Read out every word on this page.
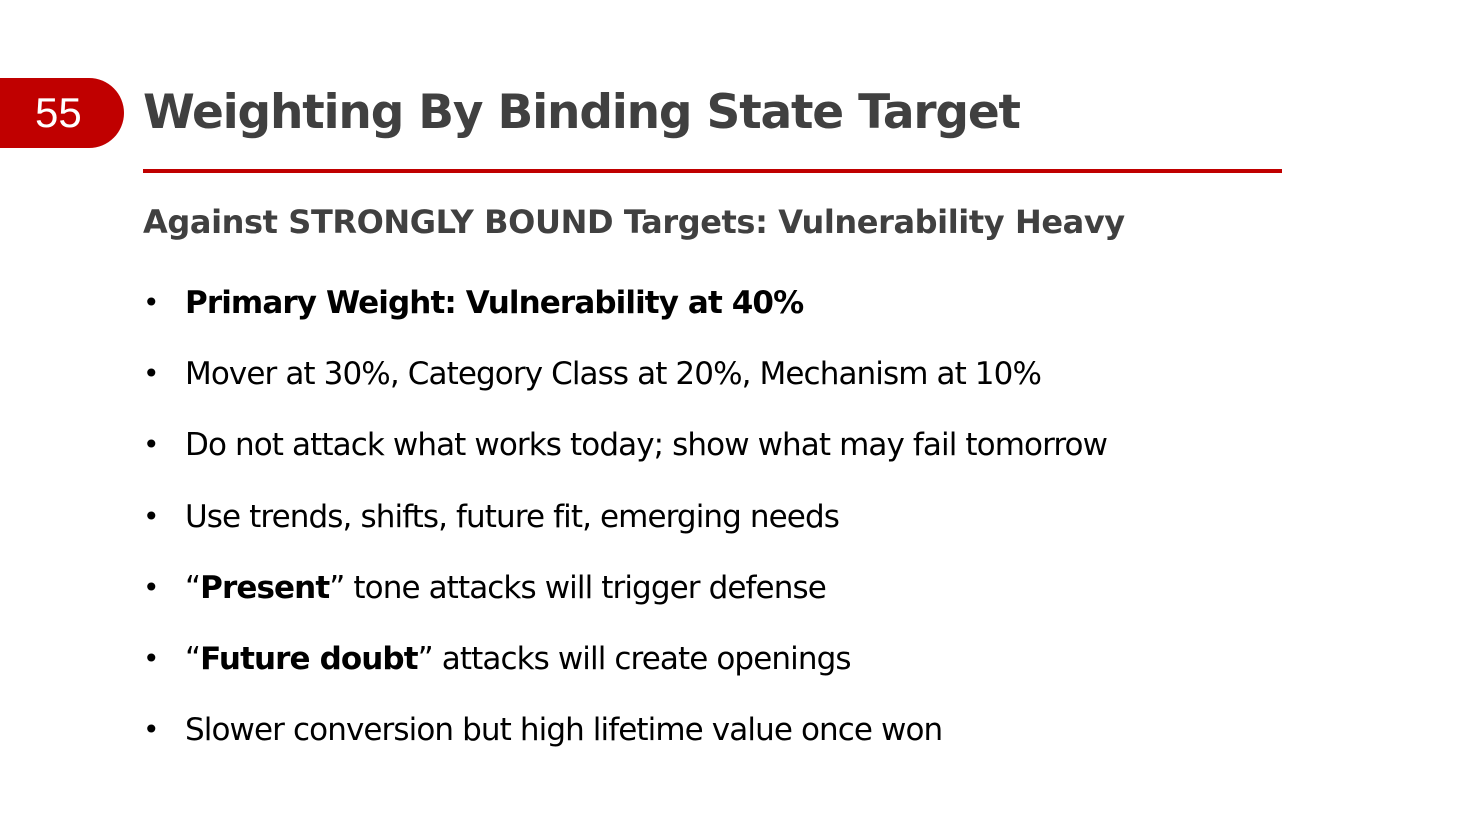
55	Weighting By Binding State Target
Against STRONGLY BOUND Targets: Vulnerability Heavy
• Primary Weight: Vulnerability at 40%
• Mover at 30%, Category Class at 20%, Mechanism at 10%
• Do not attack what works today; show what may fail tomorrow
• Use trends, shifts, future fit, emerging needs
• “Present” tone attacks will trigger defense
• “Future doubt” attacks will create openings
• Slower conversion but high lifetime value once won
